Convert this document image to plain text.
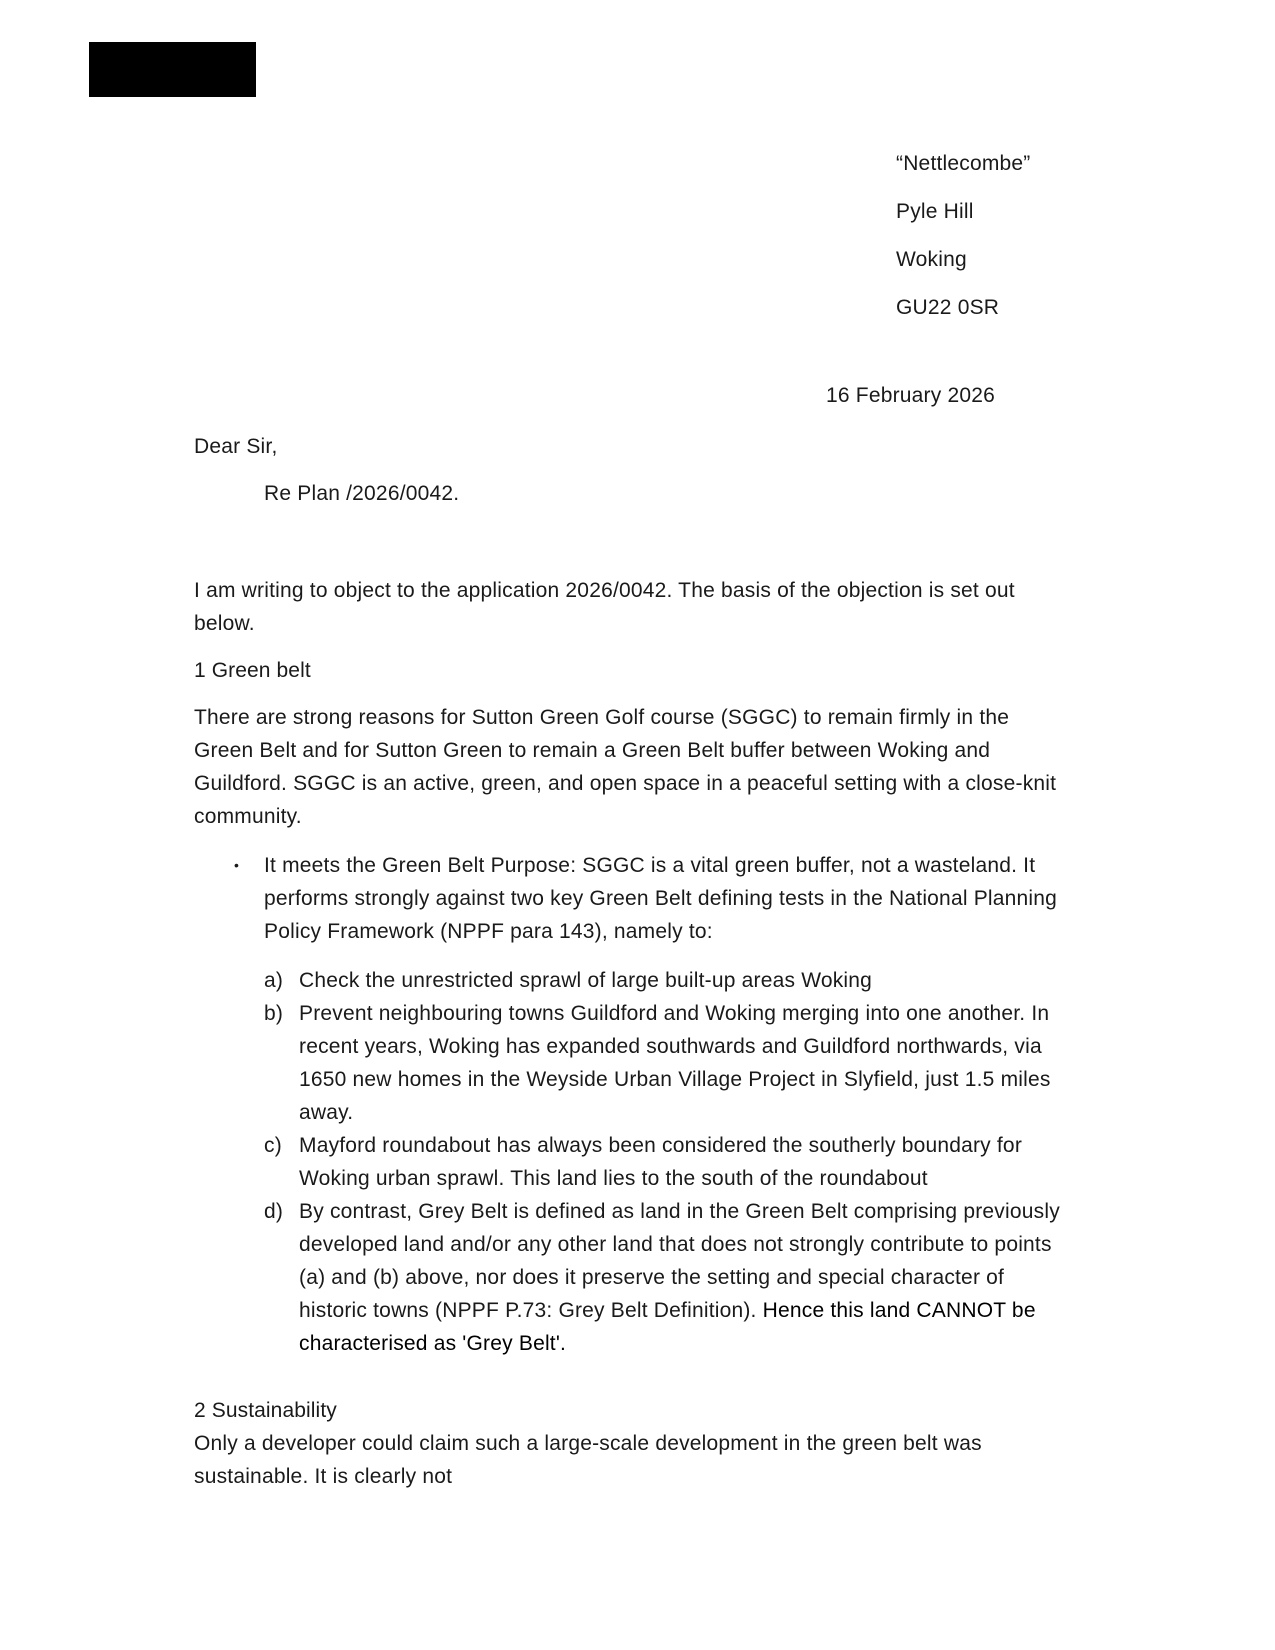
“Nettlecombe”
Pyle Hill
Woking
GU22 0SR
16 February 2026

Dear Sir,

Re Plan /2026/0042.

I am writing to object to the application 2026/0042. The basis of the objection is set out below.

1 Green belt

There are strong reasons for Sutton Green Golf course (SGGC) to remain firmly in the Green Belt and for Sutton Green to remain a Green Belt buffer between Woking and Guildford. SGGC is an active, green, and open space in a peaceful setting with a close-knit community.

• It meets the Green Belt Purpose: SGGC is a vital green buffer, not a wasteland. It performs strongly against two key Green Belt defining tests in the National Planning Policy Framework (NPPF para 143), namely to:
a) Check the unrestricted sprawl of large built-up areas Woking
b) Prevent neighbouring towns Guildford and Woking merging into one another. In recent years, Woking has expanded southwards and Guildford northwards, via 1650 new homes in the Weyside Urban Village Project in Slyfield, just 1.5 miles away.
c) Mayford roundabout has always been considered the southerly boundary for Woking urban sprawl. This land lies to the south of the roundabout
d) By contrast, Grey Belt is defined as land in the Green Belt comprising previously developed land and/or any other land that does not strongly contribute to points (a) and (b) above, nor does it preserve the setting and special character of historic towns (NPPF P.73: Grey Belt Definition). Hence this land CANNOT be characterised as 'Grey Belt'.

2 Sustainability

Only a developer could claim such a large-scale development in the green belt was sustainable. It is clearly not
